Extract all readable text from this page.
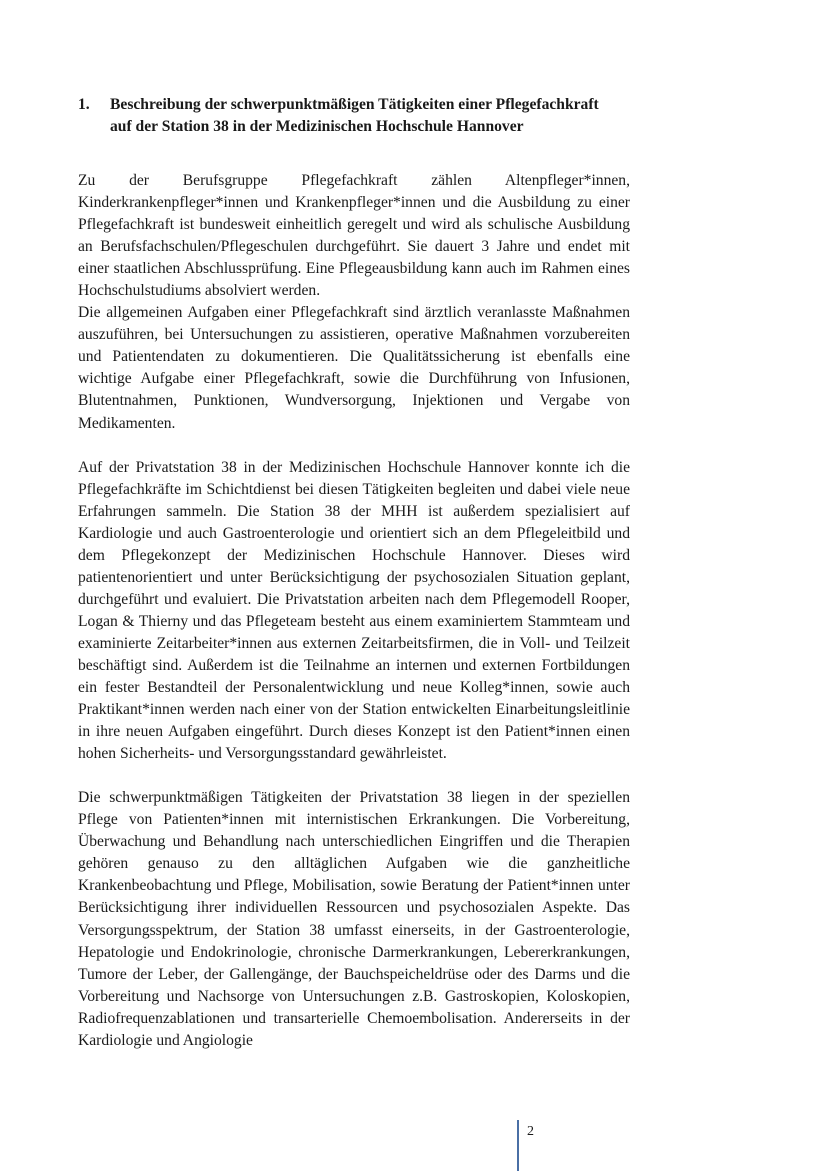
1. Beschreibung der schwerpunktmäßigen Tätigkeiten einer Pflegefachkraft
auf der Station 38 in der Medizinischen Hochschule Hannover

Zu der Berufsgruppe Pflegefachkraft zählen Altenpfleger*innen, Kinderkrankenpfleger*innen und Krankenpfleger*innen und die Ausbildung zu einer Pflegefachkraft ist bundesweit einheitlich geregelt und wird als schulische Ausbildung an Berufsfachschulen/Pflegeschulen durchgeführt. Sie dauert 3 Jahre und endet mit einer staatlichen Abschlussprüfung. Eine Pflegeausbildung kann auch im Rahmen eines Hochschulstudiums absolviert werden.

Die allgemeinen Aufgaben einer Pflegefachkraft sind ärztlich veranlasste Maßnahmen auszuführen, bei Untersuchungen zu assistieren, operative Maßnahmen vorzubereiten und Patientendaten zu dokumentieren. Die Qualitätssicherung ist ebenfalls eine wichtige Aufgabe einer Pflegefachkraft, sowie die Durchführung von Infusionen, Blutentnahmen, Punktionen, Wundversorgung, Injektionen und Vergabe von Medikamenten.

Auf der Privatstation 38 in der Medizinischen Hochschule Hannover konnte ich die Pflegefachkräfte im Schichtdienst bei diesen Tätigkeiten begleiten und dabei viele neue Erfahrungen sammeln. Die Station 38 der MHH ist außerdem spezialisiert auf Kardiologie und auch Gastroenterologie und orientiert sich an dem Pflegeleitbild und dem Pflegekonzept der Medizinischen Hochschule Hannover. Dieses wird patientenorientiert und unter Berücksichtigung der psychosozialen Situation geplant, durchgeführt und evaluiert. Die Privatstation arbeiten nach dem Pflegemodell Rooper, Logan & Thierny und das Pflegeteam besteht aus einem examiniertem Stammteam und examinierte Zeitarbeiter*innen aus externen Zeitarbeitsfirmen, die in Voll- und Teilzeit beschäftigt sind. Außerdem ist die Teilnahme an internen und externen Fortbildungen ein fester Bestandteil der Personalentwicklung und neue Kolleg*innen, sowie auch Praktikant*innen werden nach einer von der Station entwickelten Einarbeitungsleitlinie in ihre neuen Aufgaben eingeführt. Durch dieses Konzept ist den Patient*innen einen hohen Sicherheits- und Versorgungsstandard gewährleistet.

Die schwerpunktmäßigen Tätigkeiten der Privatstation 38 liegen in der speziellen Pflege von Patienten*innen mit internistischen Erkrankungen. Die Vorbereitung, Überwachung und Behandlung nach unterschiedlichen Eingriffen und die Therapien gehören genauso zu den alltäglichen Aufgaben wie die ganzheitliche Krankenbeobachtung und Pflege, Mobilisation, sowie Beratung der Patient*innen unter Berücksichtigung ihrer individuellen Ressourcen und psychosozialen Aspekte. Das Versorgungsspektrum, der Station 38 umfasst einerseits, in der Gastroenterologie, Hepatologie und Endokrinologie, chronische Darmerkrankungen, Lebererkrankungen, Tumore der Leber, der Gallengänge, der Bauchspeicheldrüse oder des Darms und die Vorbereitung und Nachsorge von Untersuchungen z.B. Gastroskopien, Koloskopien, Radiofrequenzablationen und transarterielle Chemoembolisation. Andererseits in der Kardiologie und Angiologie

2
